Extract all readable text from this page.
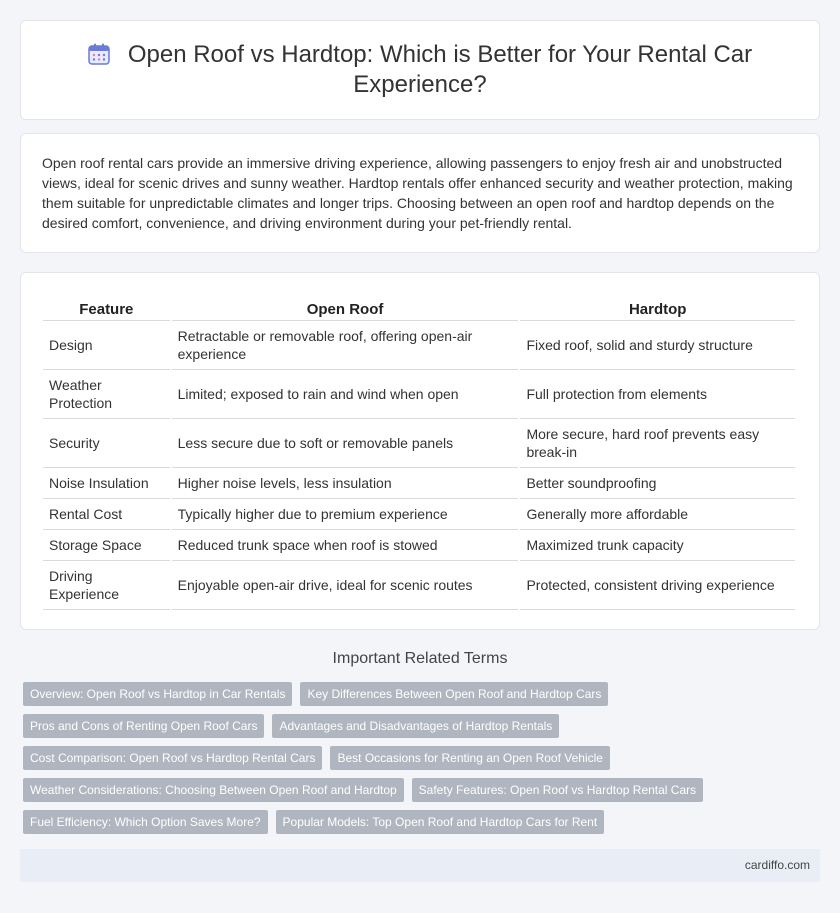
Open Roof vs Hardtop: Which is Better for Your Rental Car Experience?

Open roof rental cars provide an immersive driving experience, allowing passengers to enjoy fresh air and unobstructed views, ideal for scenic drives and sunny weather. Hardtop rentals offer enhanced security and weather protection, making them suitable for unpredictable climates and longer trips. Choosing between an open roof and hardtop depends on the desired comfort, convenience, and driving environment during your pet-friendly rental.

Feature	Open Roof	Hardtop
Design	Retractable or removable roof, offering open-air experience	Fixed roof, solid and sturdy structure
Weather Protection	Limited; exposed to rain and wind when open	Full protection from elements
Security	Less secure due to soft or removable panels	More secure, hard roof prevents easy break-in
Noise Insulation	Higher noise levels, less insulation	Better soundproofing
Rental Cost	Typically higher due to premium experience	Generally more affordable
Storage Space	Reduced trunk space when roof is stowed	Maximized trunk capacity
Driving Experience	Enjoyable open-air drive, ideal for scenic routes	Protected, consistent driving experience
Important Related Terms
Overview: Open Roof vs Hardtop in Car Rentals	Key Differences Between Open Roof and Hardtop Cars
Pros and Cons of Renting Open Roof Cars	Advantages and Disadvantages of Hardtop Rentals
Cost Comparison: Open Roof vs Hardtop Rental Cars	Best Occasions for Renting an Open Roof Vehicle
Weather Considerations: Choosing Between Open Roof and Hardtop	Safety Features: Open Roof vs Hardtop Rental Cars
Fuel Efficiency: Which Option Saves More?	Popular Models: Top Open Roof and Hardtop Cars for Rent
cardiffo.com
